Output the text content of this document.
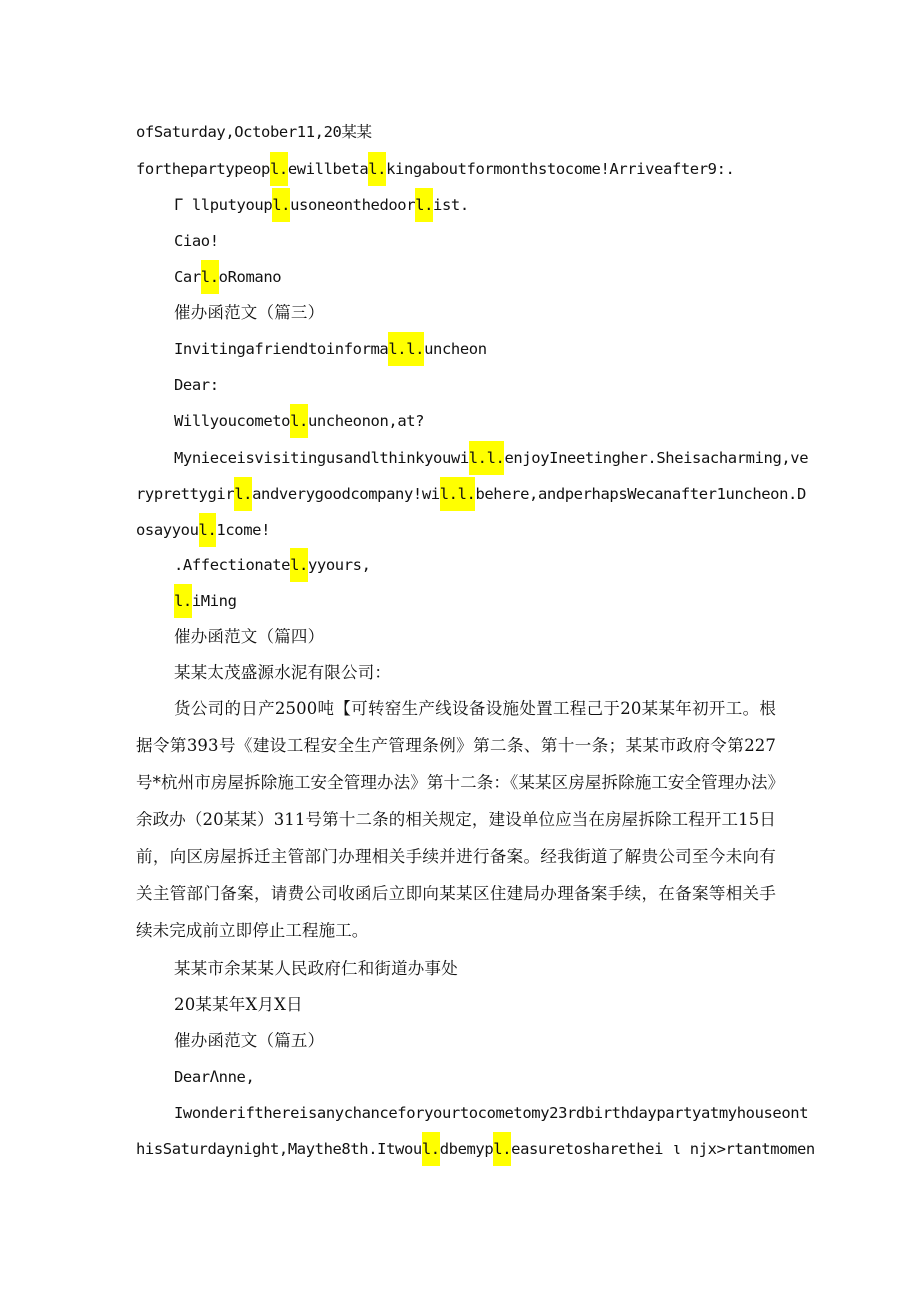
ofSaturday,October11,20某某
forthepartypeopl.ewillbetal.kingaboutformonthstocome!Arriveafter9:.
Γ llputyoupl.usoneonthedoorl.ist.
Ciao!
Carl.oRomano
催办函范文（篇三）
Invitingafriendtoinformal.l.uncheon
Dear:
Willyoucometol.uncheonon,at?
Mynieceisvisitingusandlthinkyouwil.l.enjoyIneetingher.Sheisacharming,ve
ryprettygirl.andverygoodcompany!wil.l.behere,andperhapsWecanafter1uncheon.D
osayyoul.1come!
.Affectionatel.yyours,
l.iMing
催办函范文（篇四）
某某太茂盛源水泥有限公司：
货公司的日产2500吨【可转窑生产线设备设施处置工程己于20某某年初开工。根据令第393号《建设工程安全生产管理条例》第二条、第十一条；某某市政府令第227号*杭州市房屋拆除施工安全管理办法》第十二条：《某某区房屋拆除施工安全管理办法》余政办（20某某）311号第十二条的相关规定，建设单位应当在房屋拆除工程开工15日前，向区房屋拆迁主管部门办理相关手续并进行备案。经我街道了解贵公司至今未向有关主管部门备案，请费公司收函后立即向某某区住建局办理备案手续，在备案等相关手续未完成前立即停止工程施工。
某某市余某某人民政府仁和街道办事处
20某某年X月X日
催办函范文（篇五）
DearΛnne,
Iwonderifthereisanychanceforyourtocometomy23rdbirthdaypartyatmyhouseont
hisSaturdaynight,Maythe8th.Itwoul.dbemypl.easuretosharethei ι njx>rtantmomen
